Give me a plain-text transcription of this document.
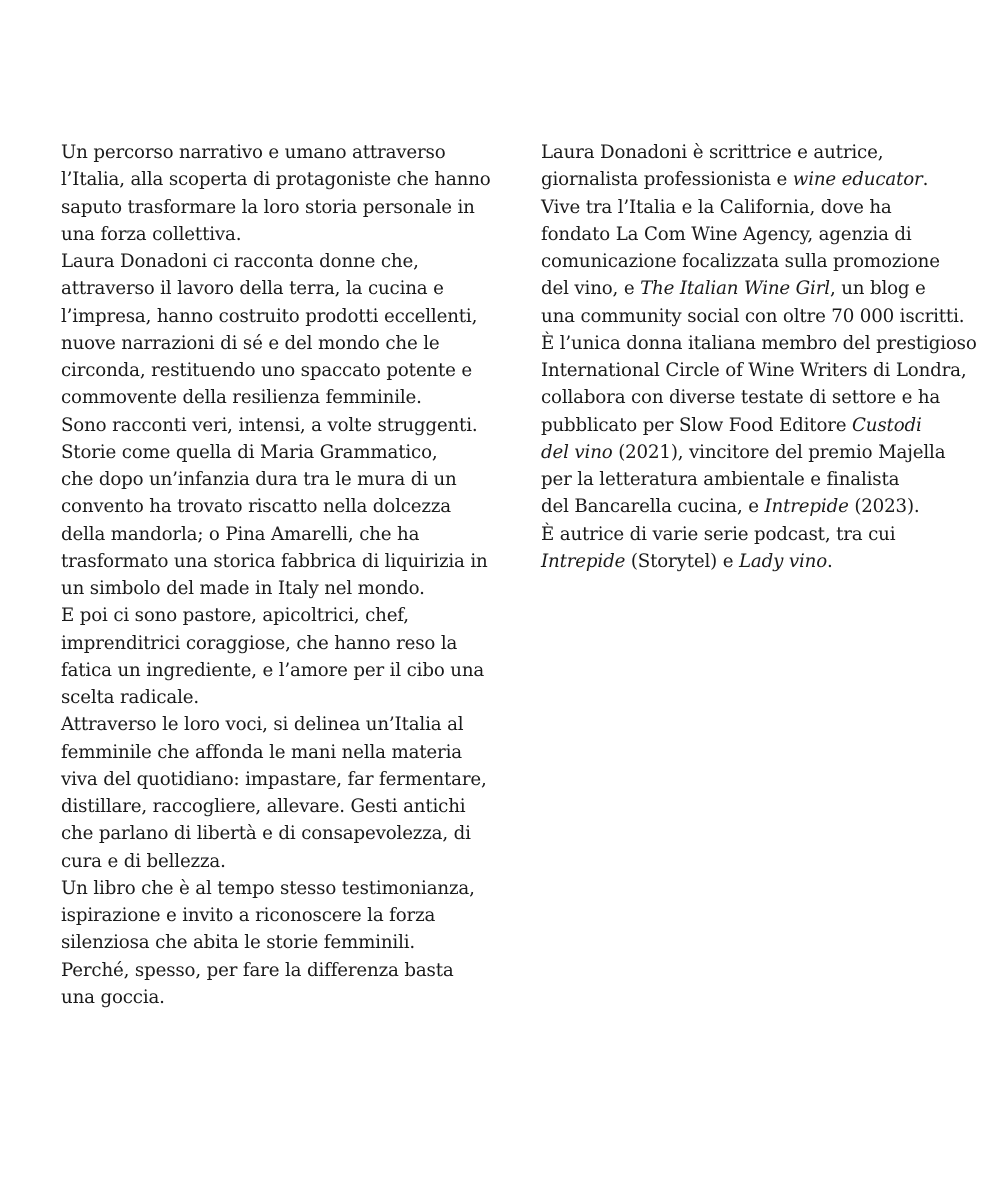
Un percorso narrativo e umano attraverso
l’Italia, alla scoperta di protagoniste che hanno
saputo trasformare la loro storia personale in
una forza collettiva.
Laura Donadoni ci racconta donne che,
attraverso il lavoro della terra, la cucina e
l’impresa, hanno costruito prodotti eccellenti,
nuove narrazioni di sé e del mondo che le
circonda, restituendo uno spaccato potente e
commovente della resilienza femminile.
Sono racconti veri, intensi, a volte struggenti.
Storie come quella di Maria Grammatico,
che dopo un’infanzia dura tra le mura di un
convento ha trovato riscatto nella dolcezza
della mandorla; o Pina Amarelli, che ha
trasformato una storica fabbrica di liquirizia in
un simbolo del made in Italy nel mondo.
E poi ci sono pastore, apicoltrici, chef,
imprenditrici coraggiose, che hanno reso la
fatica un ingrediente, e l’amore per il cibo una
scelta radicale.
Attraverso le loro voci, si delinea un’Italia al
femminile che affonda le mani nella materia
viva del quotidiano: impastare, far fermentare,
distillare, raccogliere, allevare. Gesti antichi
che parlano di libertà e di consapevolezza, di
cura e di bellezza.
Un libro che è al tempo stesso testimonianza,
ispirazione e invito a riconoscere la forza
silenziosa che abita le storie femminili.
Perché, spesso, per fare la differenza basta
una goccia.
Laura Donadoni è scrittrice e autrice,
giornalista professionista e wine educator.
Vive tra l’Italia e la California, dove ha
fondato La Com Wine Agency, agenzia di
comunicazione focalizzata sulla promozione
del vino, e The Italian Wine Girl, un blog e
una community social con oltre 70 000 iscritti.
È l’unica donna italiana membro del prestigioso
International Circle of Wine Writers di Londra,
collabora con diverse testate di settore e ha
pubblicato per Slow Food Editore Custodi
del vino (2021), vincitore del premio Majella
per la letteratura ambientale e finalista
del Bancarella cucina, e Intrepide (2023).
È autrice di varie serie podcast, tra cui
Intrepide (Storytel) e Lady vino.
